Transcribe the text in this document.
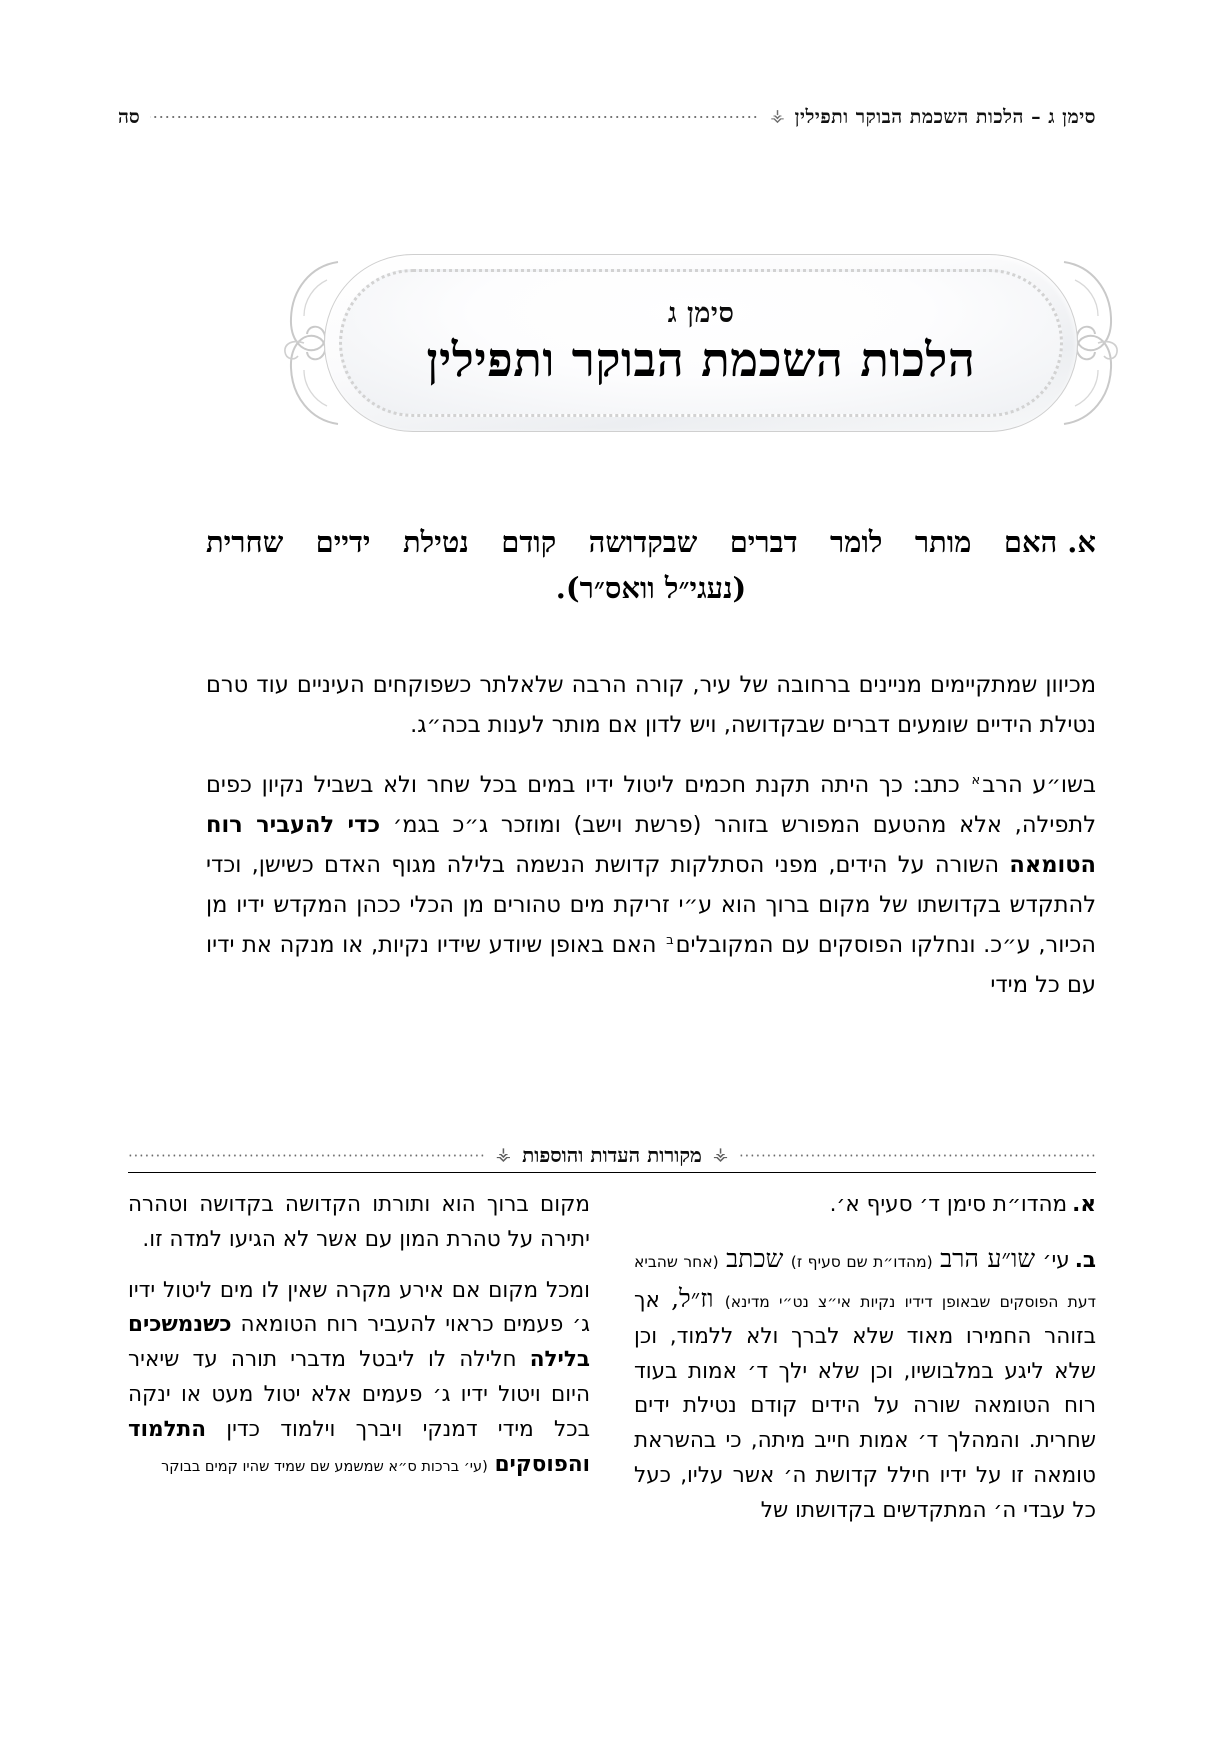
סימן ג – הלכות השכמת הבוקר ותפילין
⚶
סה
סימן ג
הלכות השכמת הבוקר ותפילין
א.האם מותר לומר דברים שבקדושה קודם נטילת ידיים שחרית
(נעגי״ל וואס״ר).

מכיוון שמתקיימים מניינים ברחובה של עיר, קורה הרבה שלאלתר כשפוקחים העיניים עוד טרם נטילת הידיים שומעים דברים שבקדושה, ויש לדון אם מותר לענות בכה״ג.

בשו״ע הרב$^א$ כתב: כך היתה תקנת חכמים ליטול ידיו במים בכל שחר ולא בשביל נקיון כפים לתפילה, אלא מהטעם המפורש בזוהר (פרשת וישב) ומוזכר ג״כ בגמ׳ כדי להעביר רוח הטומאה השורה על הידים, מפני הסתלקות קדושת הנשמה בלילה מגוף האדם כשישן, וכדי להתקדש בקדושתו של מקום ברוך הוא ע״י זריקת מים טהורים מן הכלי ככהן המקדש ידיו מן הכיור, ע״כ. ונחלקו הפוסקים עם המקובלים$^ב$ האם באופן שיודע שידיו נקיות, או מנקה את ידיו עם כל מידי

⚶
מקורות העדות והוספות
⚶

א.מהדו״ת סימן ד׳ סעיף א׳.

ב.עי׳ שו״ע הרב (מהדו״ת שם סעיף ז) שכתב (אחר שהביא דעת הפוסקים שבאופן דידיו נקיות אי״צ נט״י מדינא) וז״ל, אך בזוהר החמירו מאוד שלא לברך ולא ללמוד, וכן שלא ליגע במלבושיו, וכן שלא ילך ד׳ אמות בעוד רוח הטומאה שורה על הידים קודם נטילת ידים שחרית. והמהלך ד׳ אמות חייב מיתה, כי בהשראת טומאה זו על ידיו חילל קדושת ה׳ אשר עליו, כעל כל עבדי ה׳ המתקדשים בקדושתו של

מקום ברוך הוא ותורתו הקדושה בקדושה וטהרה יתירה על טהרת המון עם אשר לא הגיעו למדה זו.

ומכל מקום אם אירע מקרה שאין לו מים ליטול ידיו ג׳ פעמים כראוי להעביר רוח הטומאה כשנמשכים בלילה חלילה לו ליבטל מדברי תורה עד שיאיר היום ויטול ידיו ג׳ פעמים אלא יטול מעט או ינקה בכל מידי דמנקי ויברך וילמוד כדין התלמוד והפוסקים (עי׳ ברכות ס״א שמשמע שם שמיד שהיו קמים בבוקר
